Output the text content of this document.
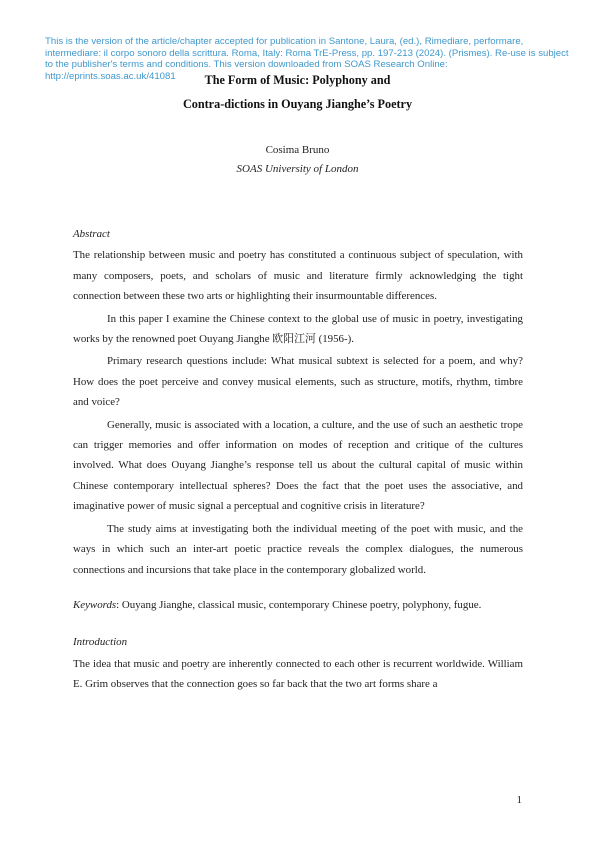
This is the version of the article/chapter accepted for publication in Santone, Laura, (ed.), Rimediare, performare, intermediare: il corpo sonoro della scrittura. Roma, Italy: Roma TrE-Press, pp. 197-213 (2024). (Prismes). Re-use is subject to the publisher's terms and conditions. This version downloaded from SOAS Research Online: http://eprints.soas.ac.uk/41081	The Form of Music: Polyphony and
Contra-dictions in Ouyang Jianghe’s Poetry
Cosima Bruno
SOAS University of London

Abstract

The relationship between music and poetry has constituted a continuous subject of speculation, with many composers, poets, and scholars of music and literature firmly acknowledging the tight connection between these two arts or highlighting their insurmountable differences.

In this paper I examine the Chinese context to the global use of music in poetry, investigating works by the renowned poet Ouyang Jianghe 欧阳江河 (1956-).

Primary research questions include: What musical subtext is selected for a poem, and why? How does the poet perceive and convey musical elements, such as structure, motifs, rhythm, timbre and voice?

Generally, music is associated with a location, a culture, and the use of such an aesthetic trope can trigger memories and offer information on modes of reception and critique of the cultures involved. What does Ouyang Jianghe’s response tell us about the cultural capital of music within Chinese contemporary intellectual spheres? Does the fact that the poet uses the associative, and imaginative power of music signal a perceptual and cognitive crisis in literature?

The study aims at investigating both the individual meeting of the poet with music, and the ways in which such an inter-art poetic practice reveals the complex dialogues, the numerous connections and incursions that take place in the contemporary globalized world.

Keywords: Ouyang Jianghe, classical music, contemporary Chinese poetry, polyphony, fugue.

Introduction

The idea that music and poetry are inherently connected to each other is recurrent worldwide. William E. Grim observes that the connection goes so far back that the two art forms share a

1
